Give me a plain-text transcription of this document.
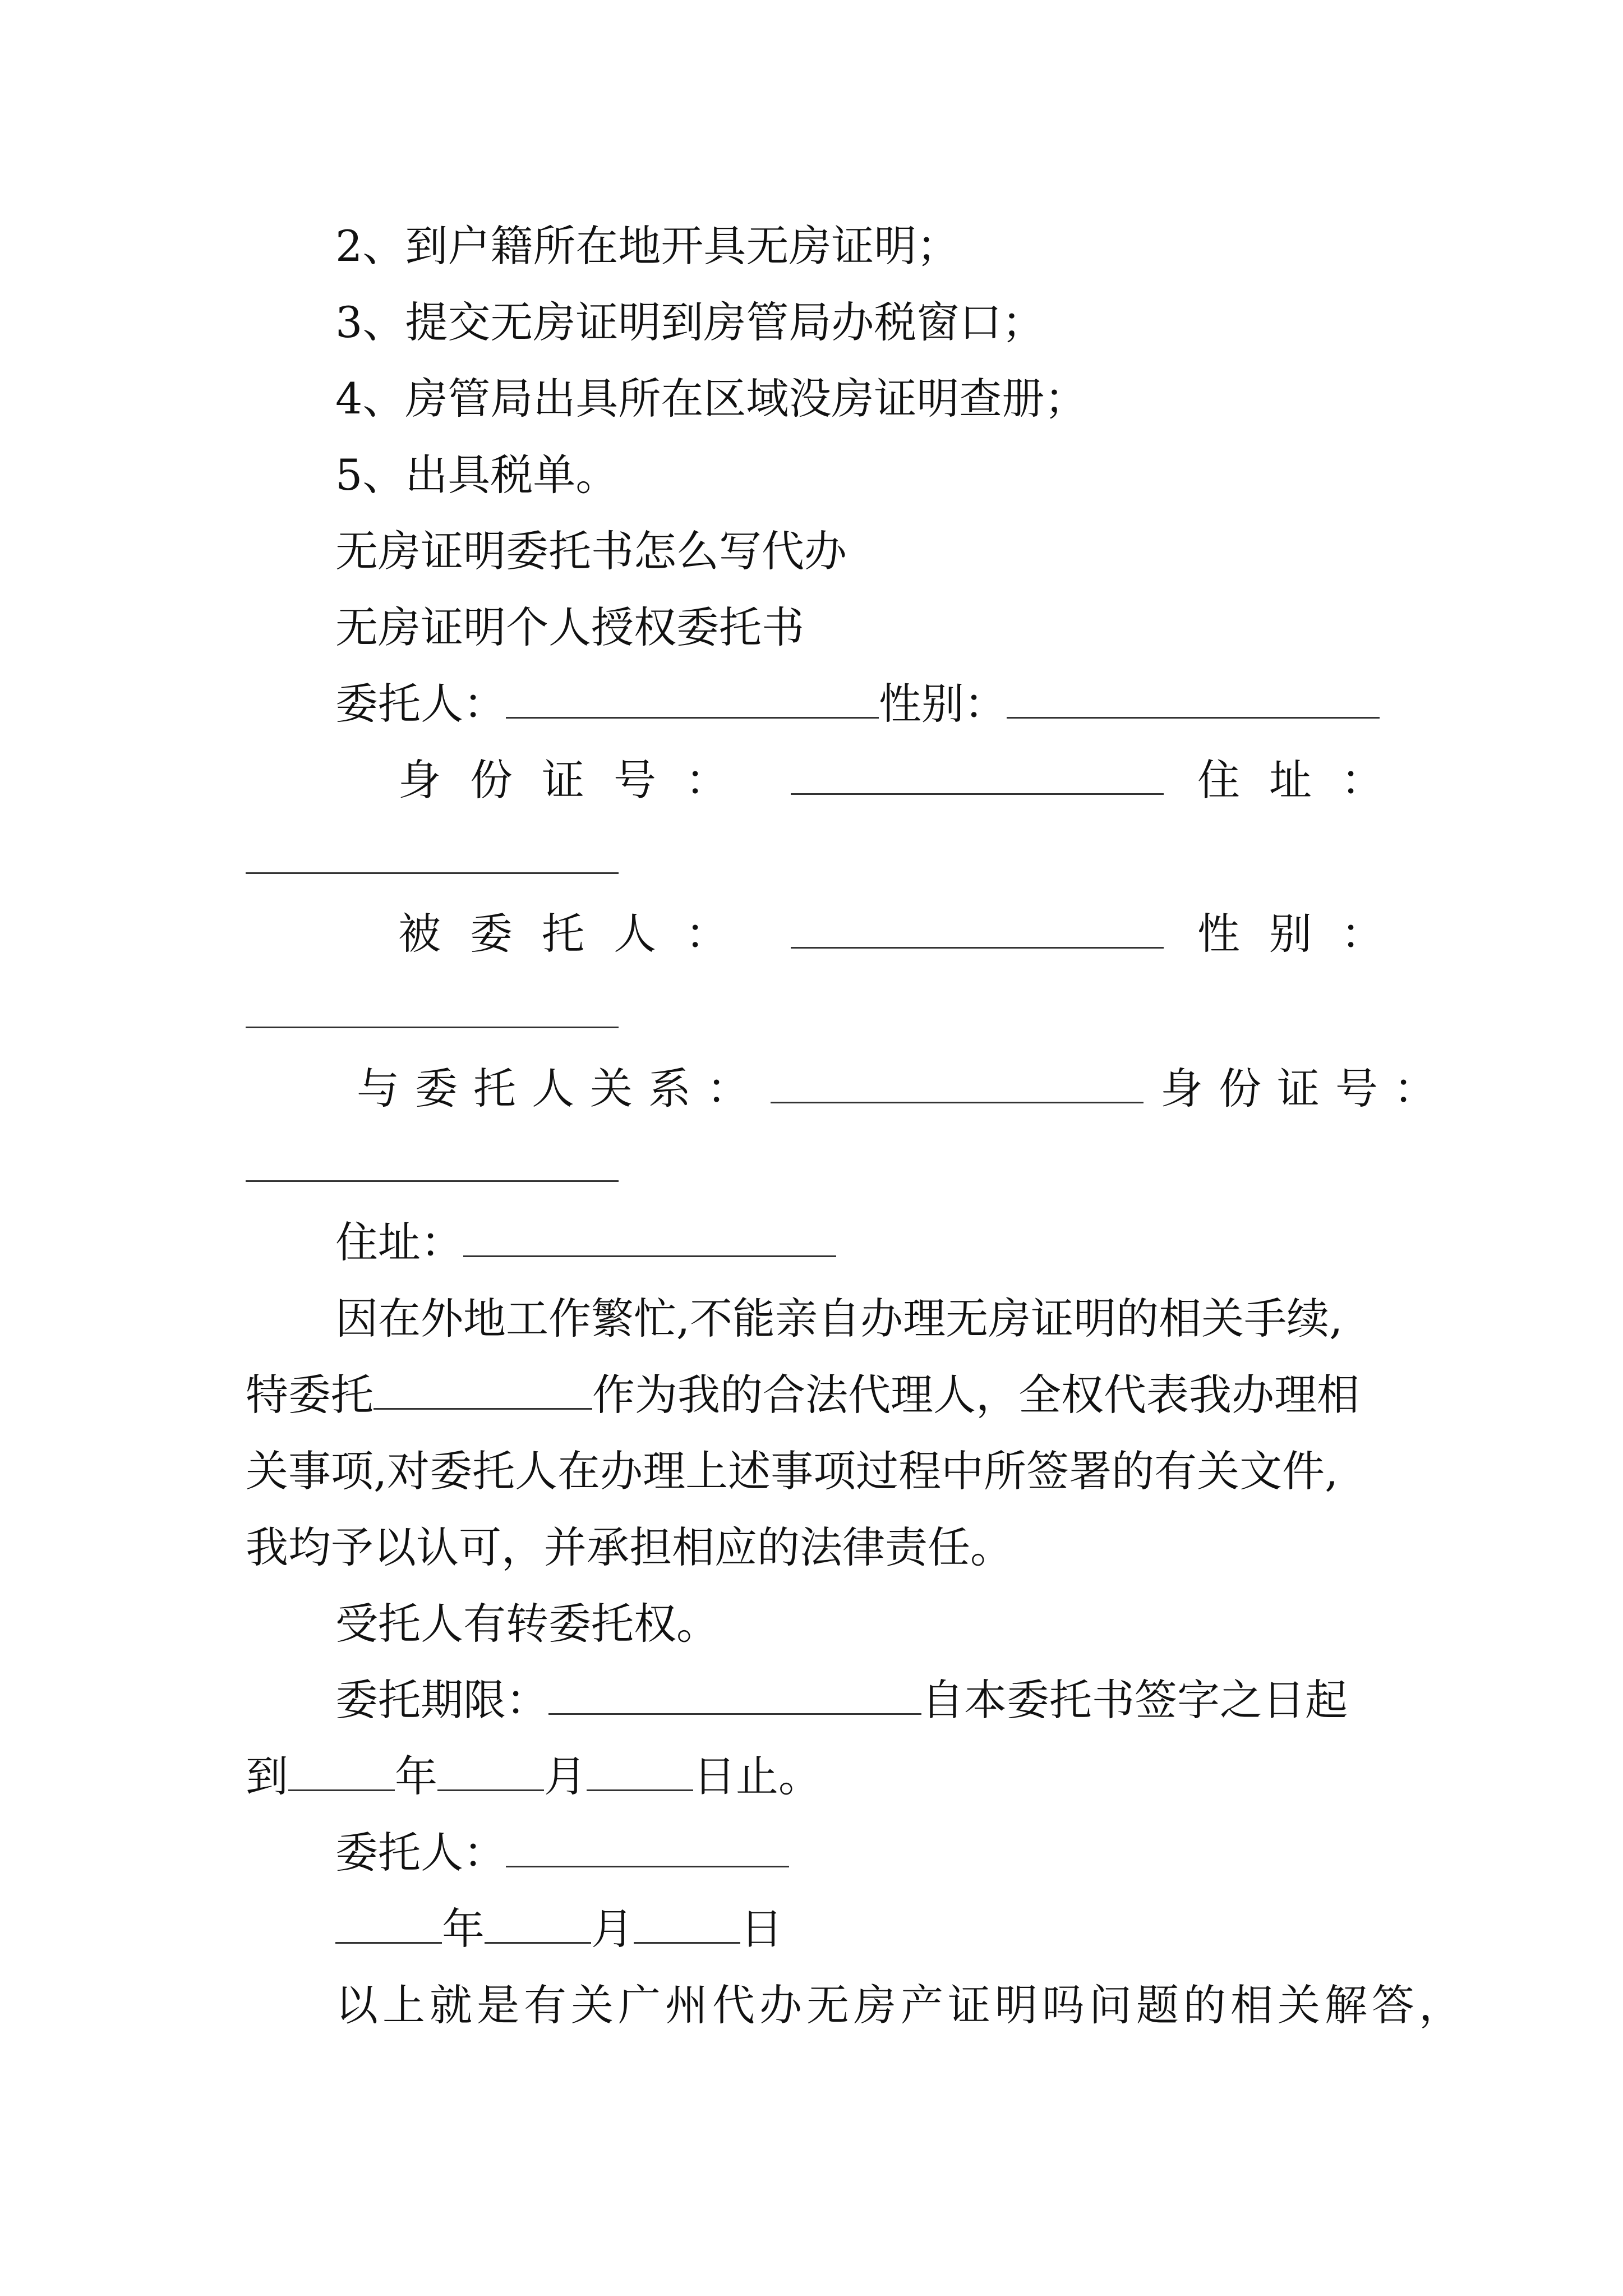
2、到户籍所在地开具无房证明；
3、提交无房证明到房管局办税窗口；
4、房管局出具所在区域没房证明查册；
5、出具税单。
无房证明委托书怎么写代办
无房证明个人授权委托书
委托人：	性别：
身份证号：	住址：
被委托人：	性别：
与委托人关系：	身份证号：
住址：
因在外地工作繁忙,不能亲自办理无房证明的相关手续,
特委托	作为我的合法代理人，全权代表我办理相
关事项,对委托人在办理上述事项过程中所签署的有关文件,
我均予以认可，并承担相应的法律责任。
受托人有转委托权。
委托期限：	自本委托书签字之日起
到	年	月	日止。
委托人：
年	月	日
以上就是有关广州代办无房产证明吗问题的相关解答，
